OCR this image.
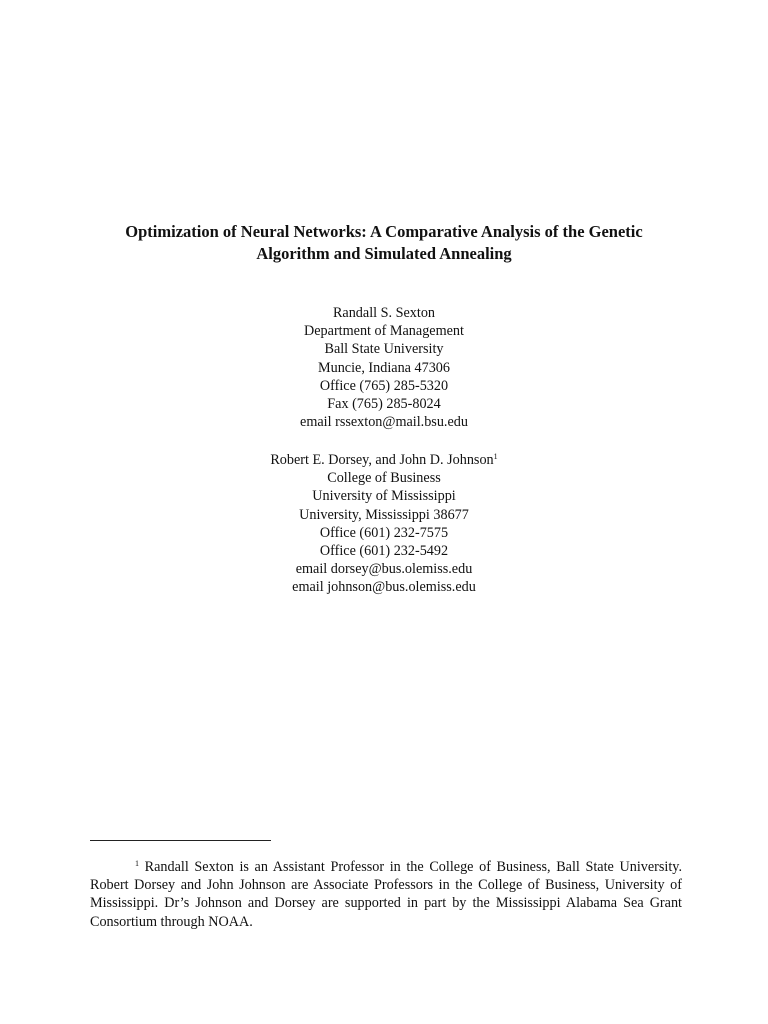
Optimization of Neural Networks: A Comparative Analysis of the Genetic
Algorithm and Simulated Annealing
Randall S. Sexton
Department of Management
Ball State University
Muncie, Indiana 47306
Office (765) 285-5320
Fax (765) 285-8024
email rssexton@mail.bsu.edu
Robert E. Dorsey, and John D. Johnson$^1$
College of Business
University of Mississippi
University, Mississippi 38677
Office (601) 232-7575
Office (601) 232-5492
email dorsey@bus.olemiss.edu
email johnson@bus.olemiss.edu
$^1$ Randall Sexton is an Assistant Professor in the College of Business, Ball State University.
Robert Dorsey and John Johnson are Associate Professors in the College of Business, University of
Mississippi. Dr’s Johnson and Dorsey are supported in part by the Mississippi Alabama Sea Grant
Consortium through NOAA.
